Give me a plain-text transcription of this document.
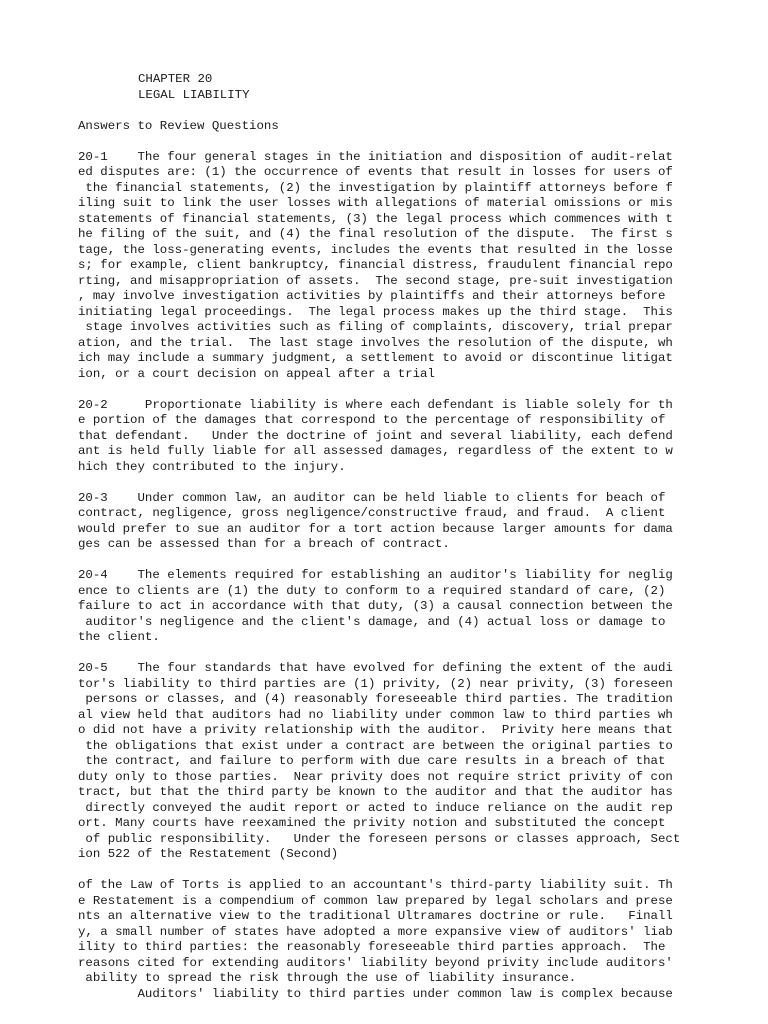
CHAPTER 20
LEGAL LIABILITY
Answers to Review Questions
20-1    The four general stages in the initiation and disposition of audit-relat
ed disputes are: (1) the occurrence of events that result in losses for users of
the financial statements, (2) the investigation by plaintiff attorneys before f
iling suit to link the user losses with allegations of material omissions or mis
statements of financial statements, (3) the legal process which commences with t
he filing of the suit, and (4) the final resolution of the dispute.  The first s
tage, the loss-generating events, includes the events that resulted in the losse
s; for example, client bankruptcy, financial distress, fraudulent financial repo
rting, and misappropriation of assets.  The second stage, pre-suit investigation
, may involve investigation activities by plaintiffs and their attorneys before
initiating legal proceedings.  The legal process makes up the third stage.  This
stage involves activities such as filing of complaints, discovery, trial prepar
ation, and the trial.  The last stage involves the resolution of the dispute, wh
ich may include a summary judgment, a settlement to avoid or discontinue litigat
ion, or a court decision on appeal after a trial
20-2     Proportionate liability is where each defendant is liable solely for th
e portion of the damages that correspond to the percentage of responsibility of
that defendant.   Under the doctrine of joint and several liability, each defend
ant is held fully liable for all assessed damages, regardless of the extent to w
hich they contributed to the injury.
20-3    Under common law, an auditor can be held liable to clients for beach of
contract, negligence, gross negligence/constructive fraud, and fraud.  A client
would prefer to sue an auditor for a tort action because larger amounts for dama
ges can be assessed than for a breach of contract.
20-4    The elements required for establishing an auditor's liability for neglig
ence to clients are (1) the duty to conform to a required standard of care, (2)
failure to act in accordance with that duty, (3) a causal connection between the
auditor's negligence and the client's damage, and (4) actual loss or damage to
the client.
20-5    The four standards that have evolved for defining the extent of the audi
tor's liability to third parties are (1) privity, (2) near privity, (3) foreseen
persons or classes, and (4) reasonably foreseeable third parties. The tradition
al view held that auditors had no liability under common law to third parties wh
o did not have a privity relationship with the auditor.  Privity here means that
the obligations that exist under a contract are between the original parties to
the contract, and failure to perform with due care results in a breach of that
duty only to those parties.  Near privity does not require strict privity of con
tract, but that the third party be known to the auditor and that the auditor has
directly conveyed the audit report or acted to induce reliance on the audit rep
ort. Many courts have reexamined the privity notion and substituted the concept
of public responsibility.   Under the foreseen persons or classes approach, Sect
ion 522 of the Restatement (Second)
of the Law of Torts is applied to an accountant's third-party liability suit. Th
e Restatement is a compendium of common law prepared by legal scholars and prese
nts an alternative view to the traditional Ultramares doctrine or rule.   Finall
y, a small number of states have adopted a more expansive view of auditors' liab
ility to third parties: the reasonably foreseeable third parties approach.  The
reasons cited for extending auditors' liability beyond privity include auditors'
ability to spread the risk through the use of liability insurance.
Auditors' liability to third parties under common law is complex because
